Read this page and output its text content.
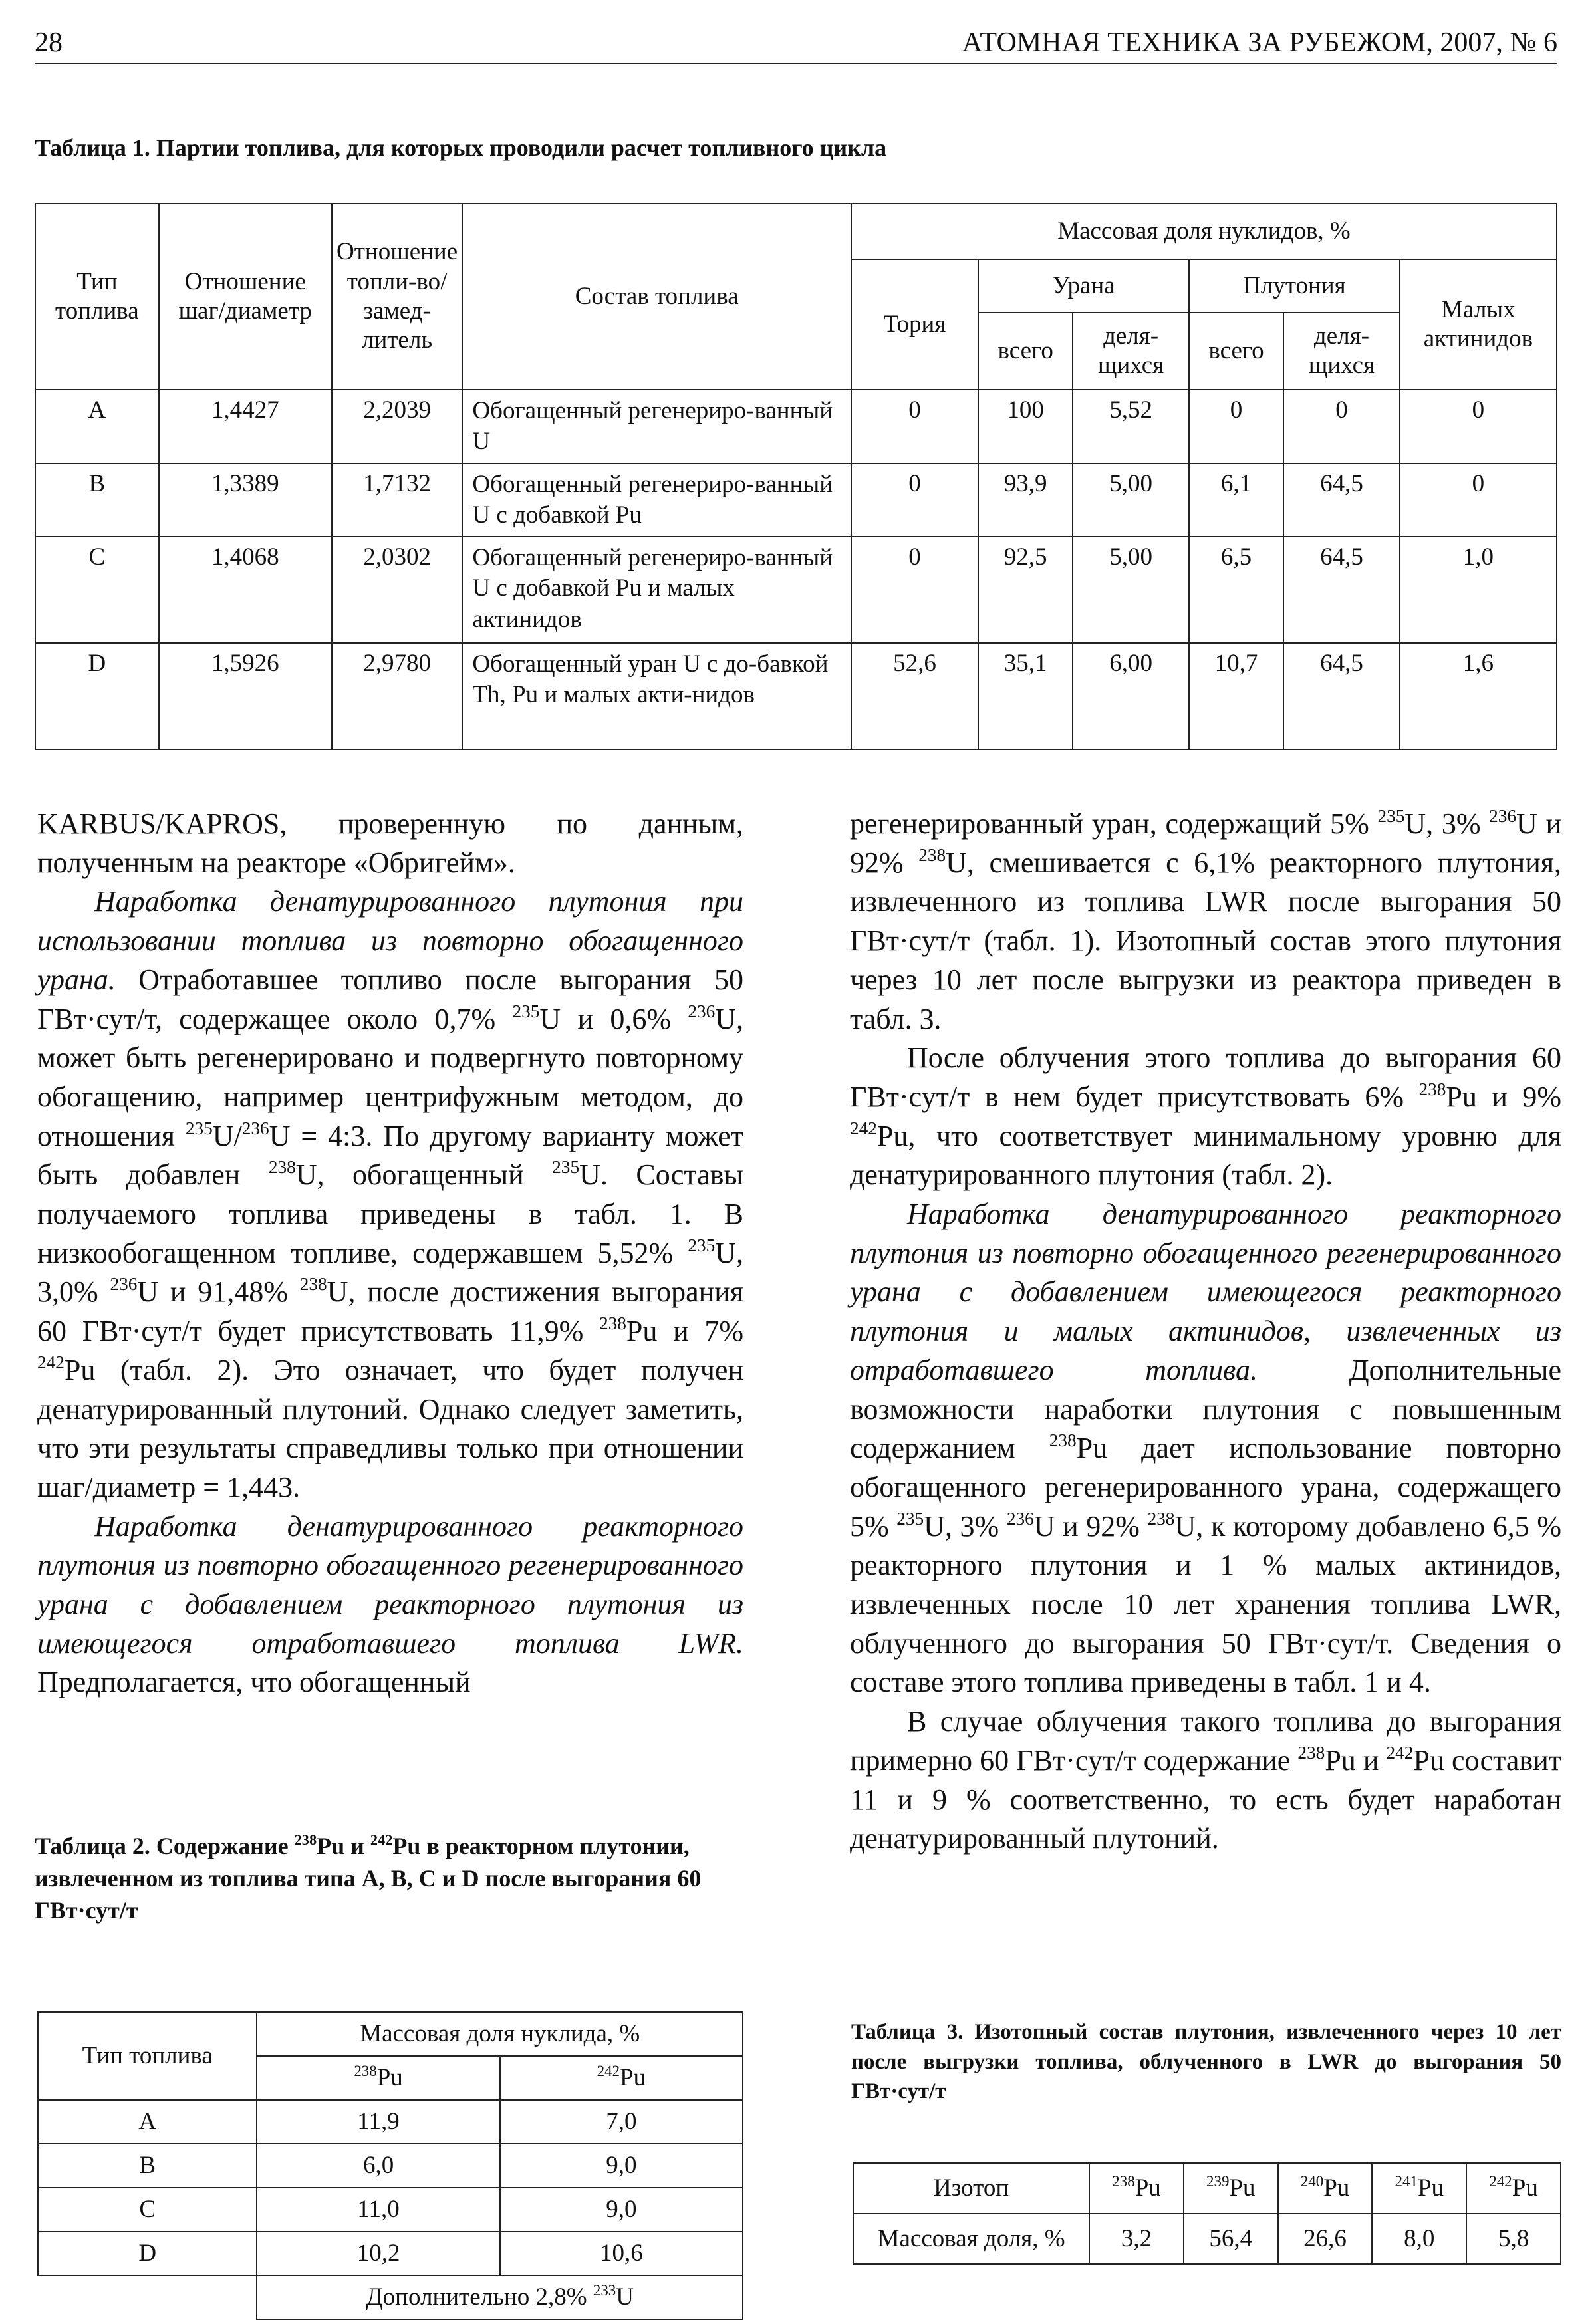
28	АТОМНАЯ ТЕХНИКА ЗА РУБЕЖОМ, 2007, № 6
Таблица 1. Партии топлива, для которых проводили расчет топливного цикла
Тип топлива	Отношение шаг/диаметр	Отношение топли-во/замед-литель	Состав топлива	Массовая доля нуклидов, %					
				Тория	Урана		Плутония		Малых актинидов
					всего	деля-щихся	всего	деля-щихся	
A	1,4427	2,2039	Обогащенный регенериро-ванный U	0	100	5,52	0	0	0
B	1,3389	1,7132	Обогащенный регенериро-ванный U с добавкой Pu	0	93,9	5,00	6,1	64,5	0
C	1,4068	2,0302	Обогащенный регенериро-ванный U с добавкой Pu и малых актинидов	0	92,5	5,00	6,5	64,5	1,0
D	1,5926	2,9780	Обогащенный уран U с до-бавкой Th, Pu и малых акти-нидов	52,6	35,1	6,00	10,7	64,5	1,6

KARBUS/KAPROS, проверенную по данным, полученным на реакторе «Обригейм».

Наработка денатурированного плутония при использовании топлива из повторно обогащенного урана. Отработавшее топливо после выгорания 50 ГВт·сут/т, содержащее около 0,7% $^{235}$U и 0,6% $^{236}$U, может быть регенерировано и подвергнуто повторному обогащению, например центрифужным методом, до отношения $^{235}$U/$^{236}$U = 4:3. По другому варианту может быть добавлен $^{238}$U, обогащенный $^{235}$U. Составы получаемого топлива приведены в табл. 1. В низкообогащенном топливе, содержавшем 5,52% $^{235}$U, 3,0% $^{236}$U и 91,48% $^{238}$U, после достижения выгорания 60 ГВт·сут/т будет присутствовать 11,9% $^{238}$Pu и 7% $^{242}$Pu (табл. 2). Это означает, что будет получен денатурированный плутоний. Однако следует заметить, что эти результаты справедливы только при отношении шаг/диаметр = 1,443.

Наработка денатурированного реакторного плутония из повторно обогащенного регенерированного урана с добавлением реакторного плутония из имеющегося отработавшего топлива LWR. Предполагается, что обогащенный

регенерированный уран, содержащий 5% $^{235}$U, 3% $^{236}$U и 92% $^{238}$U, смешивается с 6,1% реакторного плутония, извлеченного из топлива LWR после выгорания 50 ГВт·сут/т (табл. 1). Изотопный состав этого плутония через 10 лет после выгрузки из реактора приведен в табл. 3.

После облучения этого топлива до выгорания 60 ГВт·сут/т в нем будет присутствовать 6% $^{238}$Pu и 9% $^{242}$Pu, что соответствует минимальному уровню для денатурированного плутония (табл. 2).

Наработка денатурированного реакторного плутония из повторно обогащенного регенерированного урана с добавлением имеющегося реакторного плутония и малых актинидов, извлеченных из отработавшего топлива.	Дополнительные возможности наработки плутония с повышенным содержанием $^{238}$Pu дает использование повторно обогащенного регенерированного урана, содержащего 5% $^{235}$U, 3% $^{236}$U и 92% $^{238}$U, к которому добавлено 6,5 % реакторного плутония и 1 % малых актинидов, извлеченных после 10 лет хранения топлива LWR, облученного до выгорания 50 ГВт·сут/т. Сведения о составе этого топлива приведены в табл. 1 и 4.

В случае облучения такого топлива до выгорания примерно 60 ГВт·сут/т содержание $^{238}$Pu и $^{242}$Pu составит 11 и 9 % соответственно, то есть будет наработан денатурированный плутоний.

Таблица 2. Содержание $^{238}$Pu и $^{242}$Pu в реакторном плутонии, извлеченном из топлива типа A, B, C и D после выгорания 60 ГВт·сут/т
Тип топлива	Массовая доля нуклида, %	
	$^{238}$Pu	$^{242}$Pu
A	11,9	7,0
B	6,0	9,0
C	11,0	9,0
D	10,2	10,6
	Дополнительно 2,8% $^{233}$U	
Таблица 3. Изотопный состав плутония, извлеченного через 10 лет после выгрузки топлива, облученного в LWR до выгорания 50 ГВт·сут/т
Изотоп	$^{238}$Pu	$^{239}$Pu	$^{240}$Pu	$^{241}$Pu	$^{242}$Pu
Массовая доля, %	3,2	56,4	26,6	8,0	5,8
